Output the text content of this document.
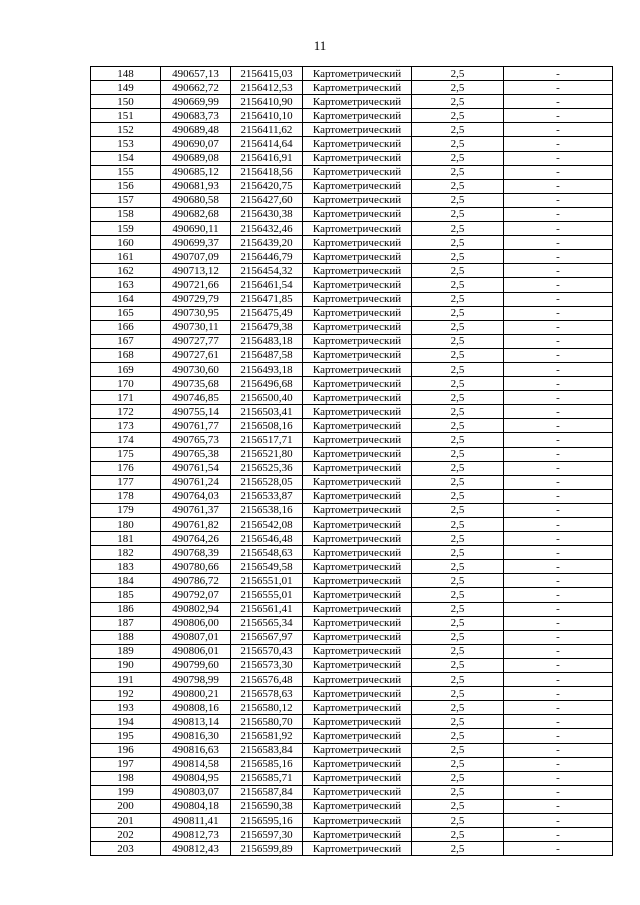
11
148	490657,13	2156415,03	Картометрический	2,5	-
149	490662,72	2156412,53	Картометрический	2,5	-
150	490669,99	2156410,90	Картометрический	2,5	-
151	490683,73	2156410,10	Картометрический	2,5	-
152	490689,48	2156411,62	Картометрический	2,5	-
153	490690,07	2156414,64	Картометрический	2,5	-
154	490689,08	2156416,91	Картометрический	2,5	-
155	490685,12	2156418,56	Картометрический	2,5	-
156	490681,93	2156420,75	Картометрический	2,5	-
157	490680,58	2156427,60	Картометрический	2,5	-
158	490682,68	2156430,38	Картометрический	2,5	-
159	490690,11	2156432,46	Картометрический	2,5	-
160	490699,37	2156439,20	Картометрический	2,5	-
161	490707,09	2156446,79	Картометрический	2,5	-
162	490713,12	2156454,32	Картометрический	2,5	-
163	490721,66	2156461,54	Картометрический	2,5	-
164	490729,79	2156471,85	Картометрический	2,5	-
165	490730,95	2156475,49	Картометрический	2,5	-
166	490730,11	2156479,38	Картометрический	2,5	-
167	490727,77	2156483,18	Картометрический	2,5	-
168	490727,61	2156487,58	Картометрический	2,5	-
169	490730,60	2156493,18	Картометрический	2,5	-
170	490735,68	2156496,68	Картометрический	2,5	-
171	490746,85	2156500,40	Картометрический	2,5	-
172	490755,14	2156503,41	Картометрический	2,5	-
173	490761,77	2156508,16	Картометрический	2,5	-
174	490765,73	2156517,71	Картометрический	2,5	-
175	490765,38	2156521,80	Картометрический	2,5	-
176	490761,54	2156525,36	Картометрический	2,5	-
177	490761,24	2156528,05	Картометрический	2,5	-
178	490764,03	2156533,87	Картометрический	2,5	-
179	490761,37	2156538,16	Картометрический	2,5	-
180	490761,82	2156542,08	Картометрический	2,5	-
181	490764,26	2156546,48	Картометрический	2,5	-
182	490768,39	2156548,63	Картометрический	2,5	-
183	490780,66	2156549,58	Картометрический	2,5	-
184	490786,72	2156551,01	Картометрический	2,5	-
185	490792,07	2156555,01	Картометрический	2,5	-
186	490802,94	2156561,41	Картометрический	2,5	-
187	490806,00	2156565,34	Картометрический	2,5	-
188	490807,01	2156567,97	Картометрический	2,5	-
189	490806,01	2156570,43	Картометрический	2,5	-
190	490799,60	2156573,30	Картометрический	2,5	-
191	490798,99	2156576,48	Картометрический	2,5	-
192	490800,21	2156578,63	Картометрический	2,5	-
193	490808,16	2156580,12	Картометрический	2,5	-
194	490813,14	2156580,70	Картометрический	2,5	-
195	490816,30	2156581,92	Картометрический	2,5	-
196	490816,63	2156583,84	Картометрический	2,5	-
197	490814,58	2156585,16	Картометрический	2,5	-
198	490804,95	2156585,71	Картометрический	2,5	-
199	490803,07	2156587,84	Картометрический	2,5	-
200	490804,18	2156590,38	Картометрический	2,5	-
201	490811,41	2156595,16	Картометрический	2,5	-
202	490812,73	2156597,30	Картометрический	2,5	-
203	490812,43	2156599,89	Картометрический	2,5	-
